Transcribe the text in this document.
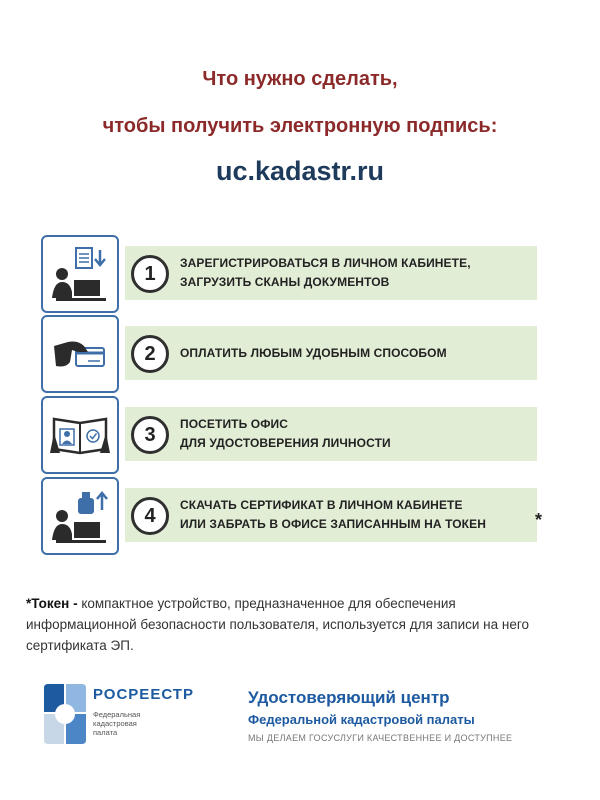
Что нужно сделать,
чтобы получить электронную подпись:
uc.kadastr.ru
1	ЗАРЕГИСТРИРОВАТЬСЯ В ЛИЧНОМ КАБИНЕТЕ,
ЗАГРУЗИТЬ СКАНЫ ДОКУМЕНТОВ
2	ОПЛАТИТЬ ЛЮБЫМ УДОБНЫМ СПОСОБОМ
3	ПОСЕТИТЬ ОФИС
ДЛЯ УДОСТОВЕРЕНИЯ ЛИЧНОСТИ
4	СКАЧАТЬ СЕРТИФИКАТ В ЛИЧНОМ КАБИНЕТЕ
ИЛИ ЗАБРАТЬ В ОФИСЕ ЗАПИСАННЫМ НА ТОКЕН	*
*Токен - компактное устройство, предназначенное для обеспечения информационной безопасности пользователя, используется для записи на него сертификата ЭП.
РОСРЕЕСТР
Федеральная кадастровая палата
Удостоверяющий центр
Федеральной кадастровой палаты
МЫ ДЕЛАЕМ ГОСУСЛУГИ КАЧЕСТВЕННЕЕ И ДОСТУПНЕЕ
